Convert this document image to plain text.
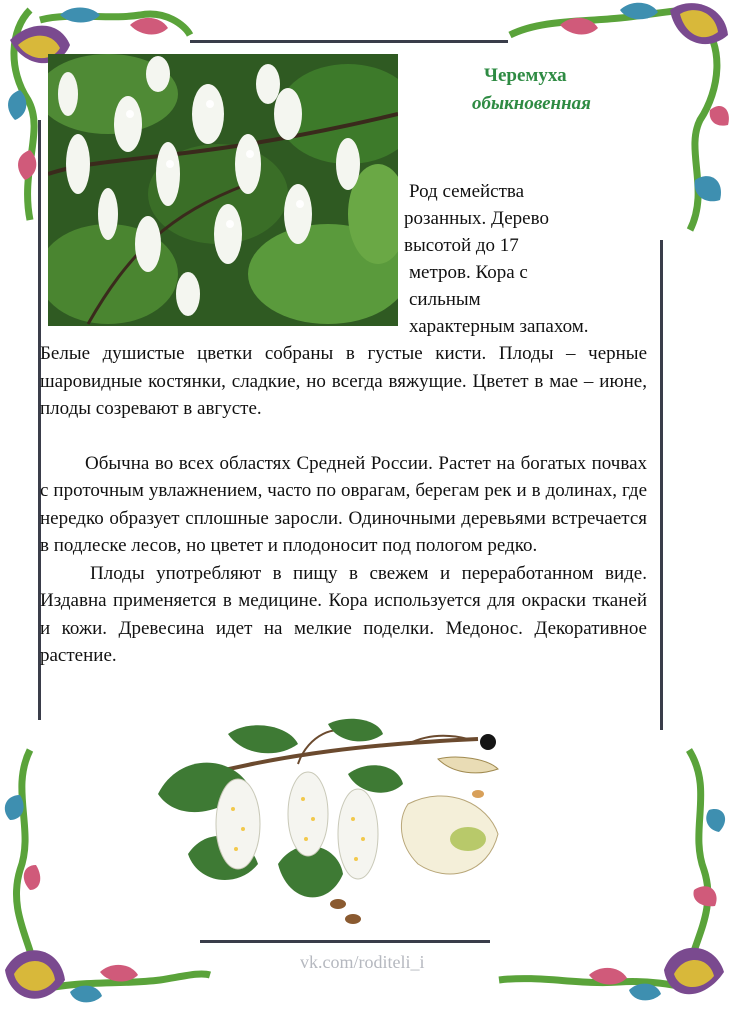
Черемуха
обыкновенная
Род семейства
розанных. Дерево
высотой до 17
метров. Кора с
сильным
характерным запахом.

Белые душистые цветки собраны в густые кисти. Плоды – черные шаровидные костянки, сладкие, но всегда вяжущие. Цветет в мае – июне, плоды созревают в августе.

Обычна во всех областях Средней России. Растет на богатых почвах с проточным увлажнением, часто по оврагам, берегам рек и в долинах, где нередко образует сплошные заросли. Одиночными деревьями встречается в подлеске лесов, но цветет и плодоносит под пологом редко.

Плоды употребляют в пищу в свежем и переработанном виде. Издавна применяется в медицине. Кора используется для окраски тканей и кожи. Древесина идет на мелкие поделки. Медонос. Декоративное растение.

vk.com/roditeli_i
